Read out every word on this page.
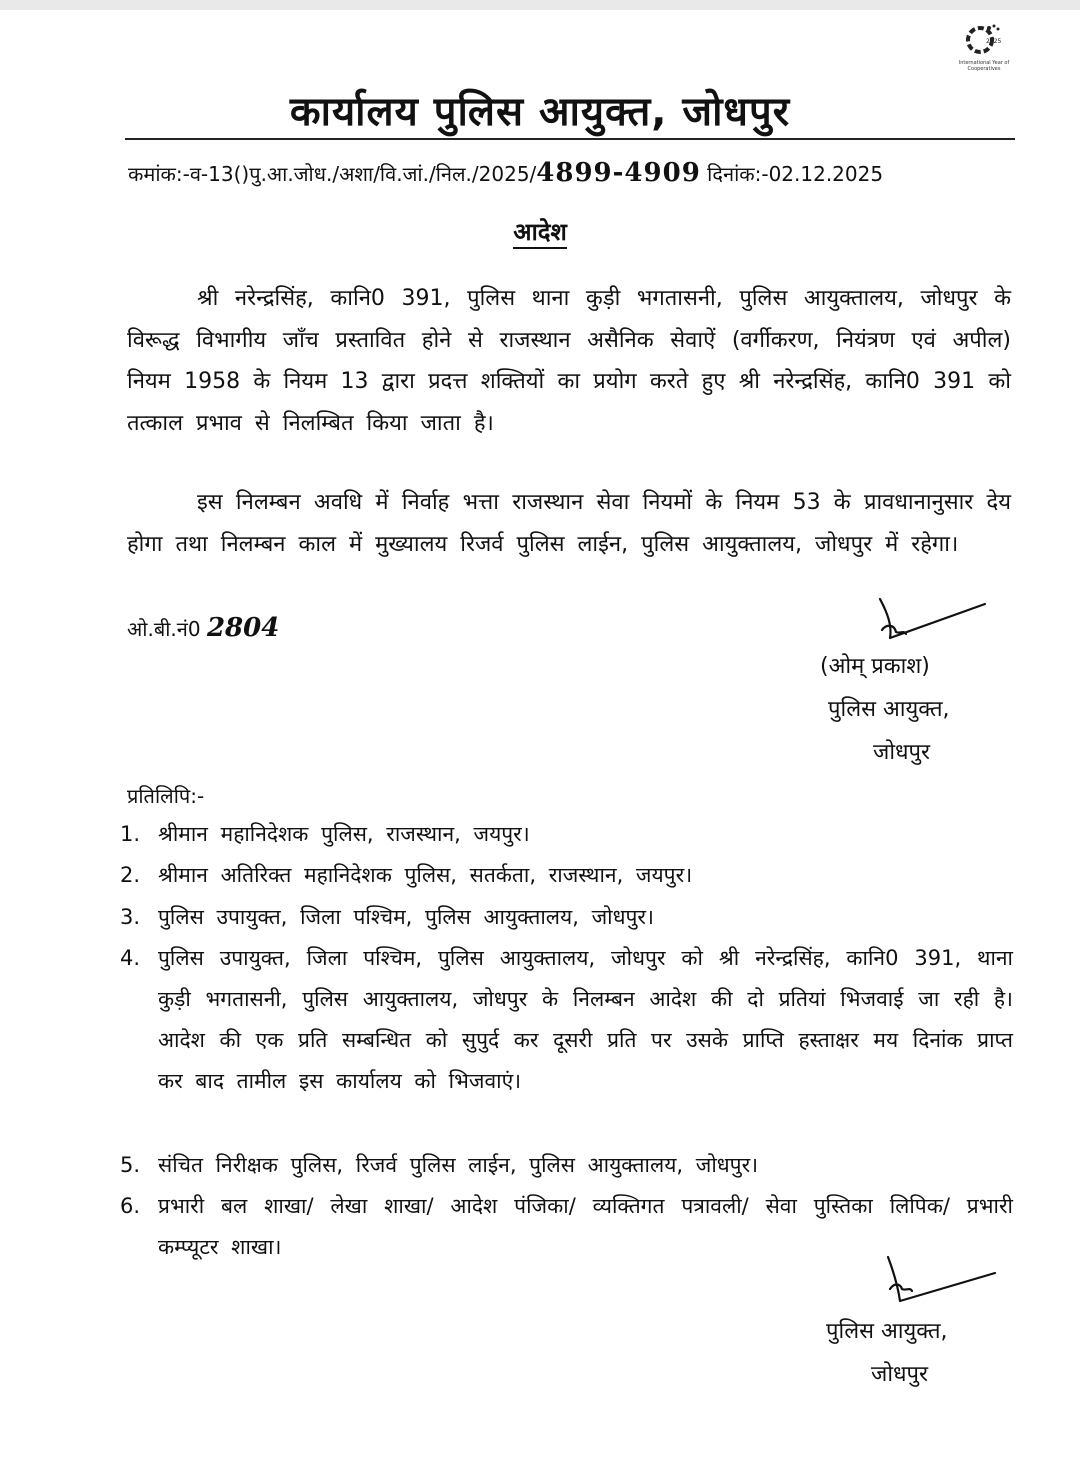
2025
International Year of Cooperatives
कार्यालय पुलिस आयुक्त, जोधपुर
कमांक:-व-13()पु.आ.जोध./अशा/वि.जां./निल./2025/4899-4909 दिनांक:-02.12.2025
आदेश
श्री नरेन्द्रसिंह, कानि0 391, पुलिस थाना कुड़ी भगतासनी, पुलिस आयुक्तालय, जोधपुर के विरूद्ध विभागीय जाँच प्रस्तावित होने से राजस्थान असैनिक सेवाऐं (वर्गीकरण, नियंत्रण एवं अपील) नियम 1958 के नियम 13 द्वारा प्रदत्त शक्तियों का प्रयोग करते हुए श्री नरेन्द्रसिंह, कानि0 391 को तत्काल प्रभाव से निलम्बित किया जाता है।
इस निलम्बन अवधि में निर्वाह भत्ता राजस्थान सेवा नियमों के नियम 53 के प्रावधानानुसार देय होगा तथा निलम्बन काल में मुख्यालय रिजर्व पुलिस लाईन, पुलिस आयुक्तालय, जोधपुर में रहेगा।
ओ.बी.नं0 2804
(ओम् प्रकाश)
पुलिस आयुक्त,
जोधपुर
प्रतिलिपि:-
1. श्रीमान महानिदेशक पुलिस, राजस्थान, जयपुर।
2. श्रीमान अतिरिक्त महानिदेशक पुलिस, सतर्कता, राजस्थान, जयपुर।
3. पुलिस उपायुक्त, जिला पश्चिम, पुलिस आयुक्तालय, जोधपुर।
4. पुलिस उपायुक्त, जिला पश्चिम, पुलिस आयुक्तालय, जोधपुर को श्री नरेन्द्रसिंह, कानि0 391, थाना कुड़ी भगतासनी, पुलिस आयुक्तालय, जोधपुर के निलम्बन आदेश की दो प्रतियां भिजवाई जा रही है। आदेश की एक प्रति सम्बन्धित को सुपुर्द कर दूसरी प्रति पर उसके प्राप्ति हस्ताक्षर मय दिनांक प्राप्त कर बाद तामील इस कार्यालय को भिजवाएं।
5. संचित निरीक्षक पुलिस, रिजर्व पुलिस लाईन, पुलिस आयुक्तालय, जोधपुर।
6. प्रभारी बल शाखा/ लेखा शाखा/ आदेश पंजिका/ व्यक्तिगत पत्रावली/ सेवा पुस्तिका लिपिक/ प्रभारी कम्प्यूटर शाखा।
पुलिस आयुक्त,
जोधपुर
